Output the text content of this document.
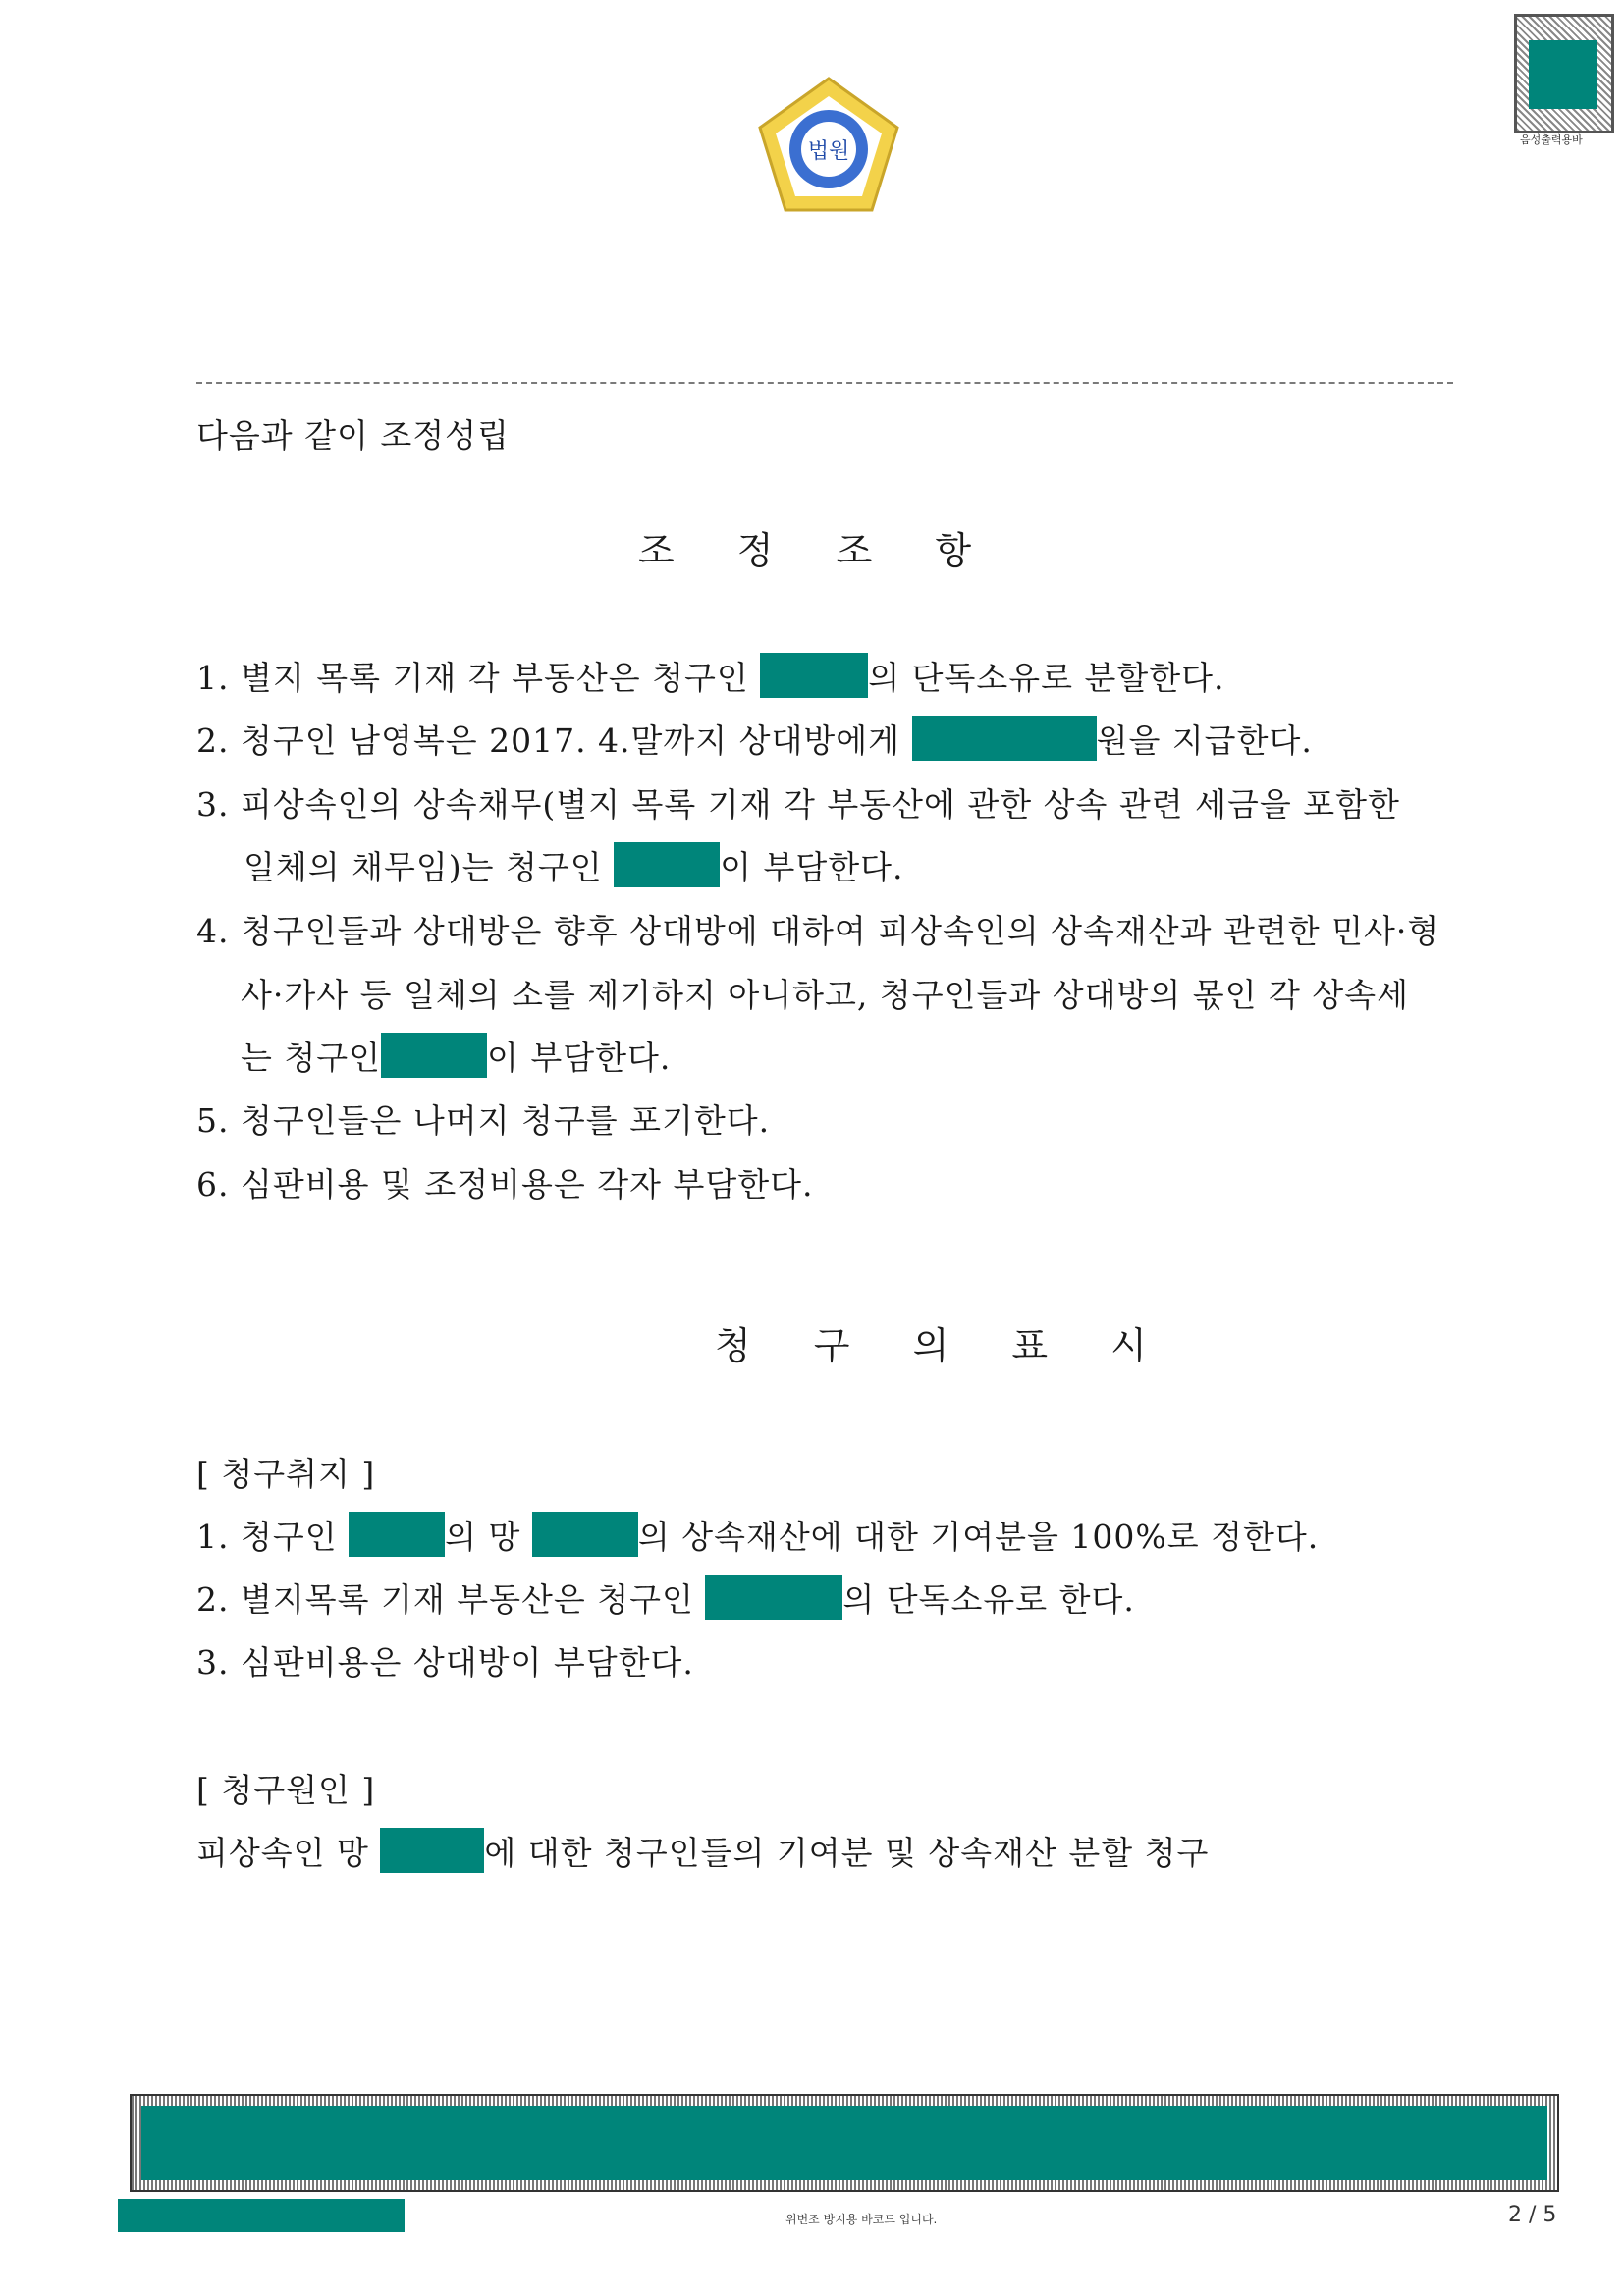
법원	음성출력용바
다음과 같이 조정성립
조 정 조 항
1. 별지 목록 기재 각 부동산은 청구인	의 단독소유로 분할한다.
2. 청구인 남영복은 2017. 4.말까지 상대방에게	원을 지급한다.
3. 피상속인의 상속채무(별지 목록 기재 각 부동산에 관한 상속 관련 세금을 포함한
일체의 채무임)는 청구인	이 부담한다.
4. 청구인들과 상대방은 향후 상대방에 대하여 피상속인의 상속재산과 관련한 민사·형
사·가사 등 일체의 소를 제기하지 아니하고, 청구인들과 상대방의 몫인 각 상속세
는 청구인	이 부담한다.
5. 청구인들은 나머지 청구를 포기한다.
6. 심판비용 및 조정비용은 각자 부담한다.
청 구 의 표 시
[ 청구취지 ]
1. 청구인	의 망	의 상속재산에 대한 기여분을 100%로 정한다.
2. 별지목록 기재 부동산은 청구인	의 단독소유로 한다.
3. 심판비용은 상대방이 부담한다.
[ 청구원인 ]
피상속인 망	에 대한 청구인들의 기여분 및 상속재산 분할 청구
위변조 방지용 바코드 입니다.	2 / 5
